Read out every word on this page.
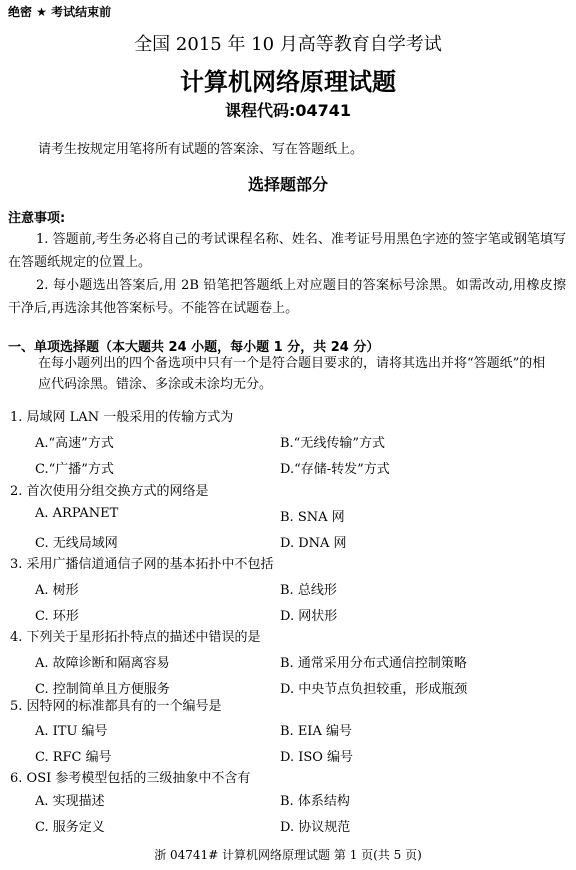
绝密 ★ 考试结束前
全国 2015 年 10 月高等教育自学考试
计算机网络原理试题
课程代码:04741
请考生按规定用笔将所有试题的答案涂、写在答题纸上。
选择题部分
注意事项:
1. 答题前,考生务必将自己的考试课程名称、姓名、准考证号用黑色字迹的签字笔或钢笔填写在答题纸规定的位置上。
2. 每小题选出答案后,用 2B 铅笔把答题纸上对应题目的答案标号涂黑。如需改动,用橡皮擦干净后,再选涂其他答案标号。不能答在试题卷上。
一、单项选择题（本大题共 24 小题，每小题 1 分，共 24 分）
在每小题列出的四个备选项中只有一个是符合题目要求的，请将其选出并将“答题纸”的相应代码涂黑。错涂、多涂或未涂均无分。
1. 局域网 LAN 一般采用的传输方式为
A.“高速”方式	B.“无线传输”方式
C.“广播”方式	D.“存储-转发”方式
2. 首次使用分组交换方式的网络是
A. ARPANET	B. SNA 网
C. 无线局域网	D. DNA 网
3. 采用广播信道通信子网的基本拓扑中不包括
A. 树形	B. 总线形
C. 环形	D. 网状形
4. 下列关于星形拓扑特点的描述中错误的是
A. 故障诊断和隔离容易	B. 通常采用分布式通信控制策略
C. 控制简单且方便服务	D. 中央节点负担较重，形成瓶颈
5. 因特网的标准都具有的一个编号是
A. ITU 编号	B. EIA 编号
C. RFC 编号	D. ISO 编号
6. OSI 参考模型包括的三级抽象中不含有
A. 实现描述	B. 体系结构
C. 服务定义	D. 协议规范
浙 04741# 计算机网络原理试题 第 1 页(共 5 页)
